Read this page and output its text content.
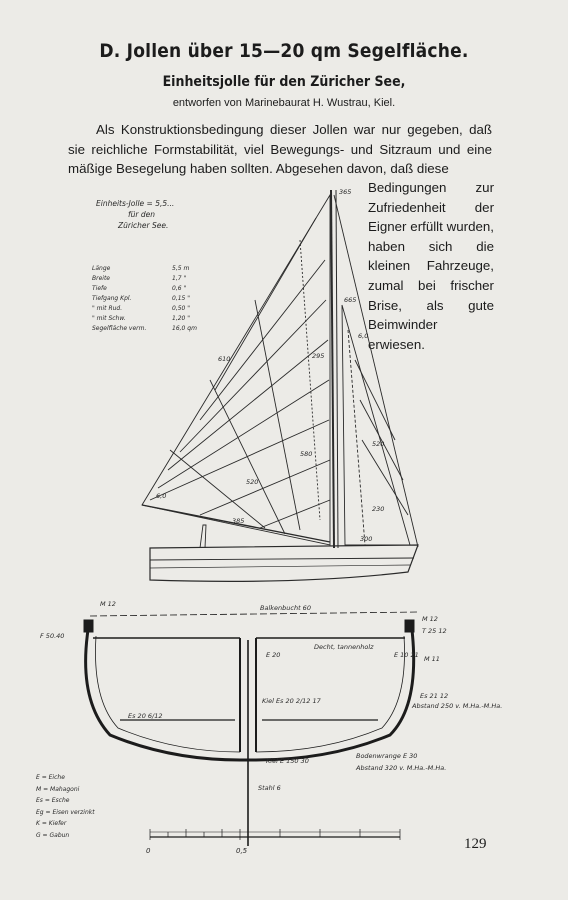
D. Jollen über 15—20 qm Segelfläche.
Einheitsjolle für den Züricher See,
entworfen von Marinebaurat H. Wustrau, Kiel.

Als Konstruktionsbedingung dieser Jollen war nur gegeben, daß sie reichliche Formstabilität, viel Bewegungs- und Sitzraum und eine mäßige Besegelung haben sollten. Abgesehen davon, daß diese

Bedingungen zur Zufriedenheit der Eigner erfüllt wurden, haben sich die kleinen Fahrzeuge, zumal bei frischer Brise, als gute Beimwinder erwiesen.
Einheits-Jolle = 5,5...
für den
Züricher See.
Länge	5,5 m
Breite	1,7 "
Tiefe	0,6 "
Tiefgang Kpl.	0,15 "
" mit Rud.	0,50 "
" mit Schw.	1,20 "
Segelfläche verm.	16,0 qm
365
665
610
580
520
520
385
300
295
230
6,0
6,0
M 12	Balkenbucht 60
M 12
F 50.40
T 25 12
E 20
Decht, tannenholz
E 10 21 M 11
Kiel Es 20 2/12 17
Es 20 6/12
Es 21 12
Abstand 250 v. M.Ha.-M.Ha.
Bodenwrange E 30
Abstand 320 v. M.Ha.-M.Ha.
Kiel E 150 30
Stahl 6
E = Eiche
M = Mahagoni
Es = Esche
Eg = Eisen verzinkt
K = Kiefer
G = Gabun
0	0,5	129
